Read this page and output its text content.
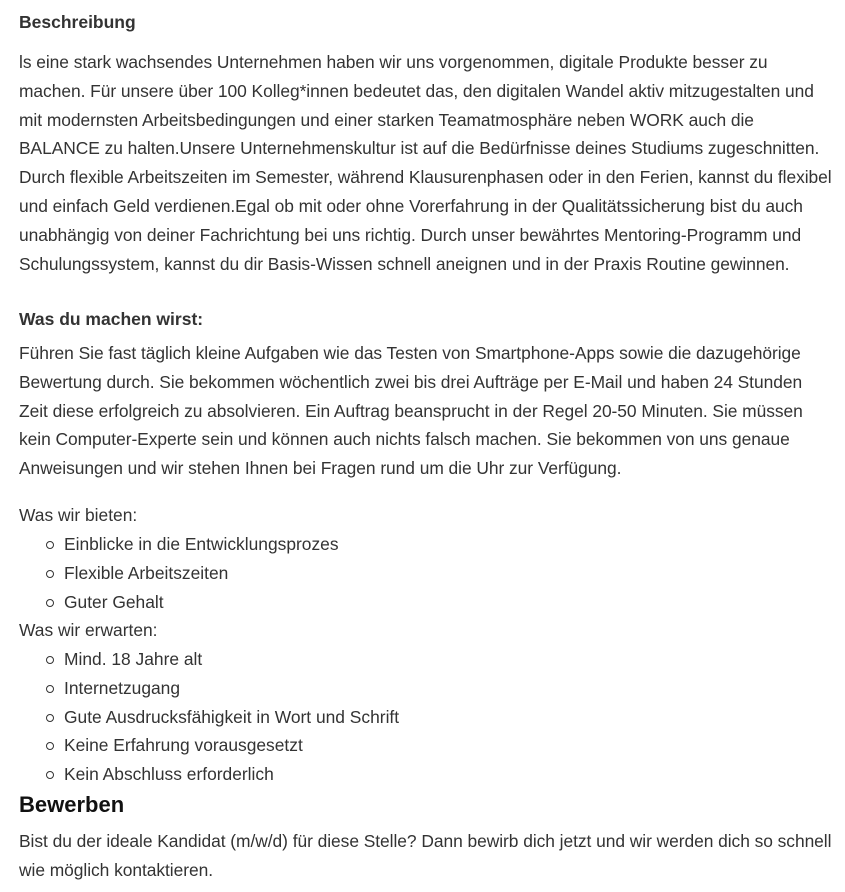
Beschreibung

ls eine stark wachsendes Unternehmen haben wir uns vorgenommen, digitale Produkte besser zu machen. Für unsere über 100 Kolleg*innen bedeutet das, den digitalen Wandel aktiv mitzugestalten und mit modernsten Arbeitsbedingungen und einer starken Teamatmosphäre neben WORK auch die BALANCE zu halten.Unsere Unternehmenskultur ist auf die Bedürfnisse deines Studiums zugeschnitten. Durch flexible Arbeitszeiten im Semester, während Klausurenphasen oder in den Ferien, kannst du flexibel und einfach Geld verdienen.Egal ob mit oder ohne Vorerfahrung in der Qualitätssicherung bist du auch unabhängig von deiner Fachrichtung bei uns richtig. Durch unser bewährtes Mentoring-Programm und Schulungssystem, kannst du dir Basis-Wissen schnell aneignen und in der Praxis Routine gewinnen.

Was du machen wirst:

Führen Sie fast täglich kleine Aufgaben wie das Testen von Smartphone-Apps sowie die dazugehörige Bewertung durch. Sie bekommen wöchentlich zwei bis drei Aufträge per E-Mail und haben 24 Stunden Zeit diese erfolgreich zu absolvieren. Ein Auftrag beansprucht in der Regel 20-50 Minuten. Sie müssen kein Computer-Experte sein und können auch nichts falsch machen. Sie bekommen von uns genaue Anweisungen und wir stehen Ihnen bei Fragen rund um die Uhr zur Verfügung.

Was wir bieten:

Einblicke in die Entwicklungsprozes
Flexible Arbeitszeiten
Guter Gehalt

Was wir erwarten:

Mind. 18 Jahre alt
Internetzugang
Gute Ausdrucksfähigkeit in Wort und Schrift
Keine Erfahrung vorausgesetzt
Kein Abschluss erforderlich
Bewerben

Bist du der ideale Kandidat (m/w/d) für diese Stelle? Dann bewirb dich jetzt und wir werden dich so schnell wie möglich kontaktieren.
